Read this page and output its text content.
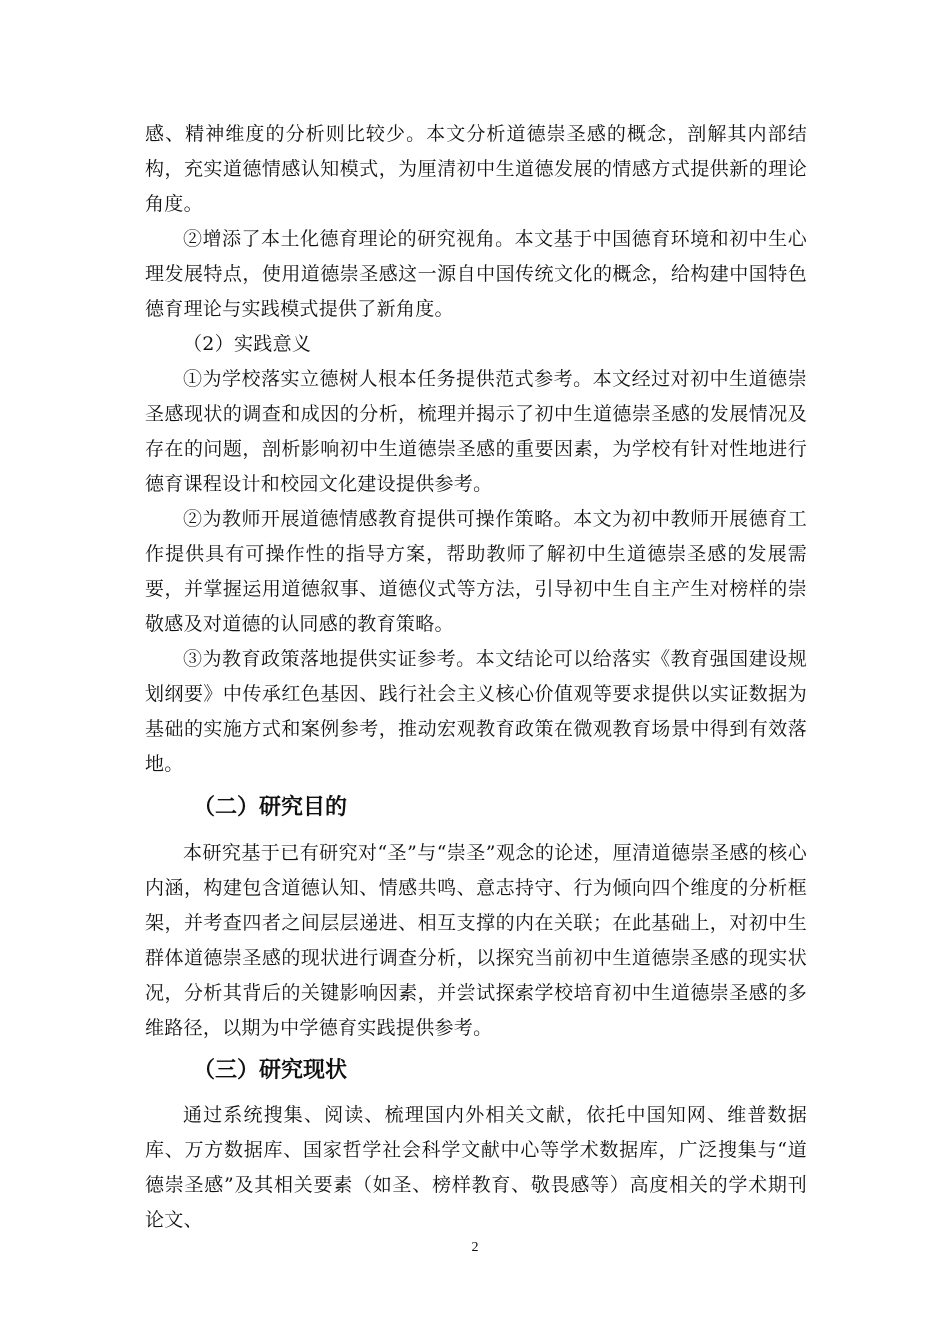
感、精神维度的分析则比较少。本文分析道德崇圣感的概念，剖解其内部结构，充实道德情感认知模式，为厘清初中生道德发展的情感方式提供新的理论角度。

②增添了本土化德育理论的研究视角。本文基于中国德育环境和初中生心理发展特点，使用道德崇圣感这一源自中国传统文化的概念，给构建中国特色德育理论与实践模式提供了新角度。

（2）实践意义

①为学校落实立德树人根本任务提供范式参考。本文经过对初中生道德崇圣感现状的调查和成因的分析，梳理并揭示了初中生道德崇圣感的发展情况及存在的问题，剖析影响初中生道德崇圣感的重要因素，为学校有针对性地进行德育课程设计和校园文化建设提供参考。

②为教师开展道德情感教育提供可操作策略。本文为初中教师开展德育工作提供具有可操作性的指导方案，帮助教师了解初中生道德崇圣感的发展需要，并掌握运用道德叙事、道德仪式等方法，引导初中生自主产生对榜样的崇敬感及对道德的认同感的教育策略。

③为教育政策落地提供实证参考。本文结论可以给落实《教育强国建设规划纲要》中传承红色基因、践行社会主义核心价值观等要求提供以实证数据为基础的实施方式和案例参考，推动宏观教育政策在微观教育场景中得到有效落地。

（二）研究目的

本研究基于已有研究对“圣”与“崇圣”观念的论述，厘清道德崇圣感的核心内涵，构建包含道德认知、情感共鸣、意志持守、行为倾向四个维度的分析框架，并考查四者之间层层递进、相互支撑的内在关联；在此基础上，对初中生群体道德崇圣感的现状进行调查分析，以探究当前初中生道德崇圣感的现实状况，分析其背后的关键影响因素，并尝试探索学校培育初中生道德崇圣感的多维路径，以期为中学德育实践提供参考。

（三）研究现状

通过系统搜集、阅读、梳理国内外相关文献，依托中国知网、维普数据库、万方数据库、国家哲学社会科学文献中心等学术数据库，广泛搜集与“道德崇圣感”及其相关要素（如圣、榜样教育、敬畏感等）高度相关的学术期刊论文、

2
